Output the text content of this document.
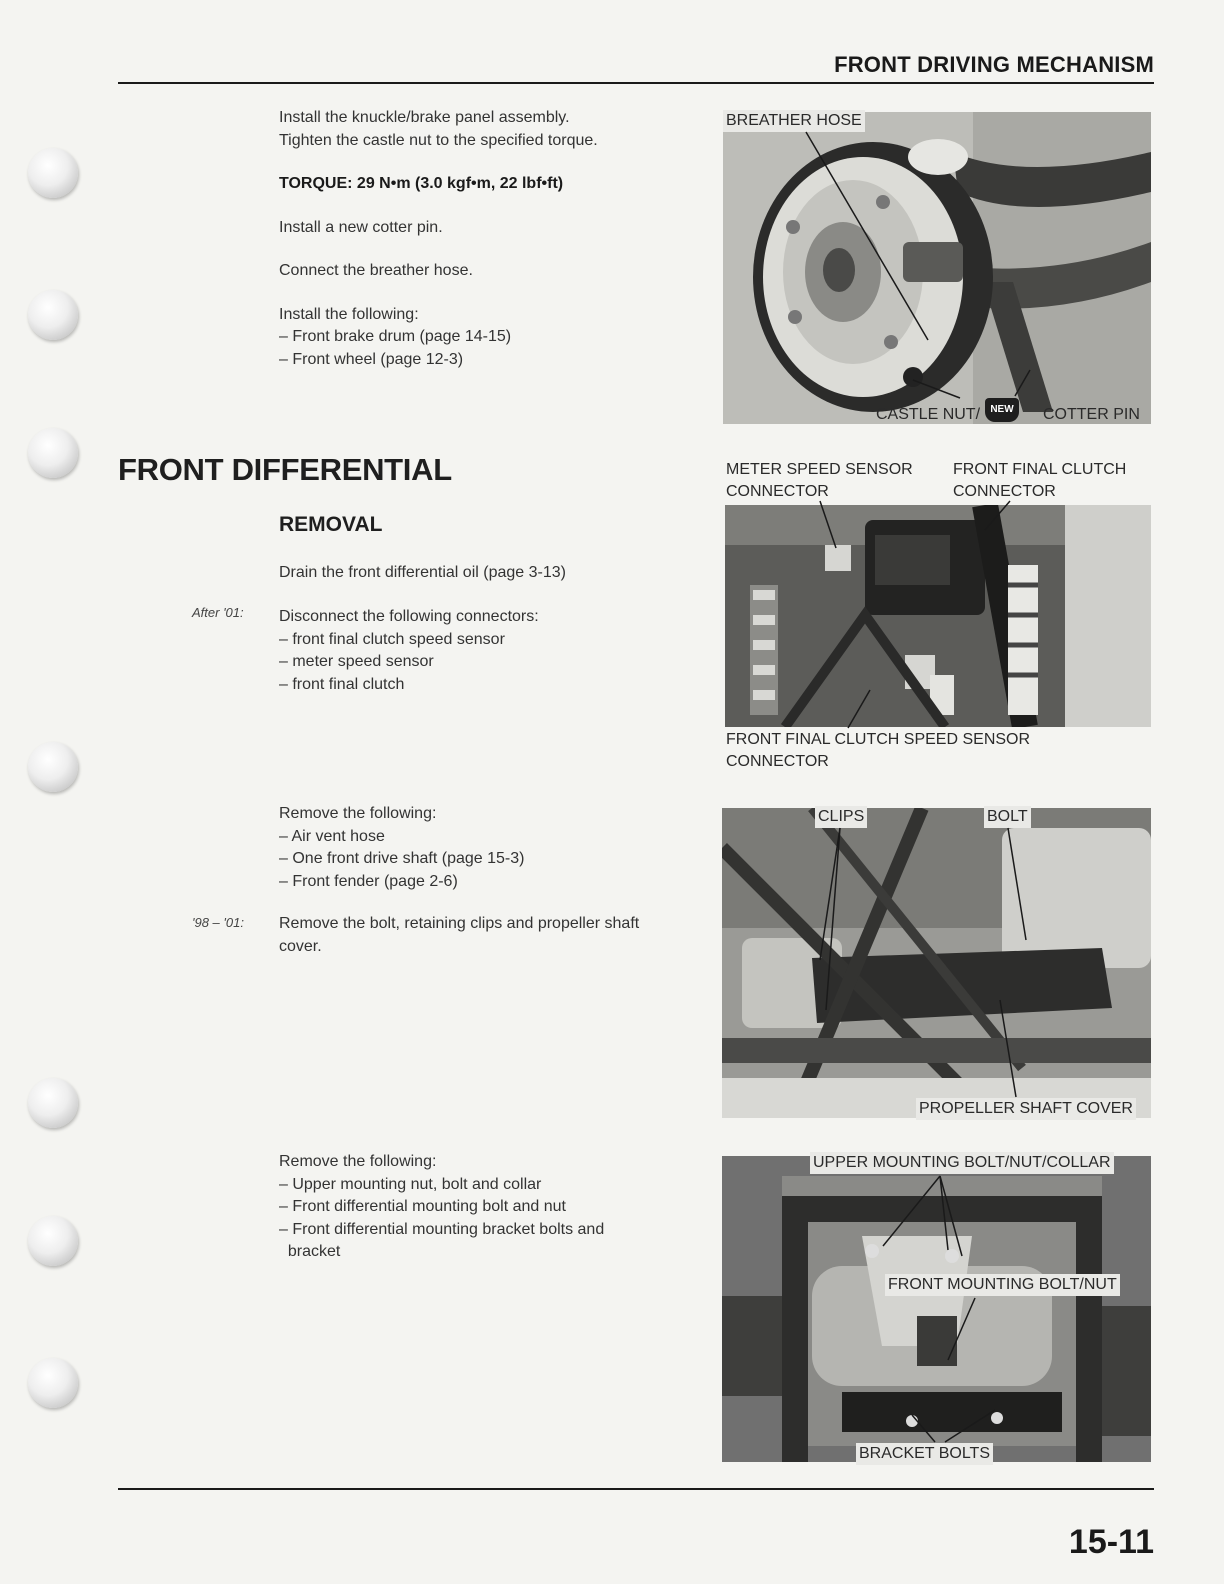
FRONT DRIVING MECHANISM
Install the knuckle/brake panel assembly.
Tighten the castle nut to the specified torque.
TORQUE: 29 N•m (3.0 kgf•m, 22 lbf•ft)
Install a new cotter pin.
Connect the breather hose.
Install the following:
– Front brake drum (page 14-15)
– Front wheel (page 12-3)
FRONT DIFFERENTIAL
REMOVAL
Drain the front differential oil (page 3-13)
After '01:	Disconnect the following connectors:
– front final clutch speed sensor
– meter speed sensor
– front final clutch
Remove the following:
– Air vent hose
– One front drive shaft (page 15-3)
– Front fender (page 2-6)
'98 – '01:	Remove the bolt, retaining clips and propeller shaft
cover.
Remove the following:
– Upper mounting nut, bolt and collar
– Front differential mounting bolt and nut
– Front differential mounting bracket bolts and
bracket
BREATHER HOSE
CASTLE NUT/	NEW	COTTER PIN
METER SPEED SENSOR
CONNECTOR
FRONT FINAL CLUTCH
CONNECTOR
FRONT FINAL CLUTCH SPEED SENSOR
CONNECTOR
CLIPS	BOLT
PROPELLER SHAFT COVER
UPPER MOUNTING BOLT/NUT/COLLAR
FRONT MOUNTING BOLT/NUT
BRACKET BOLTS
15-11
